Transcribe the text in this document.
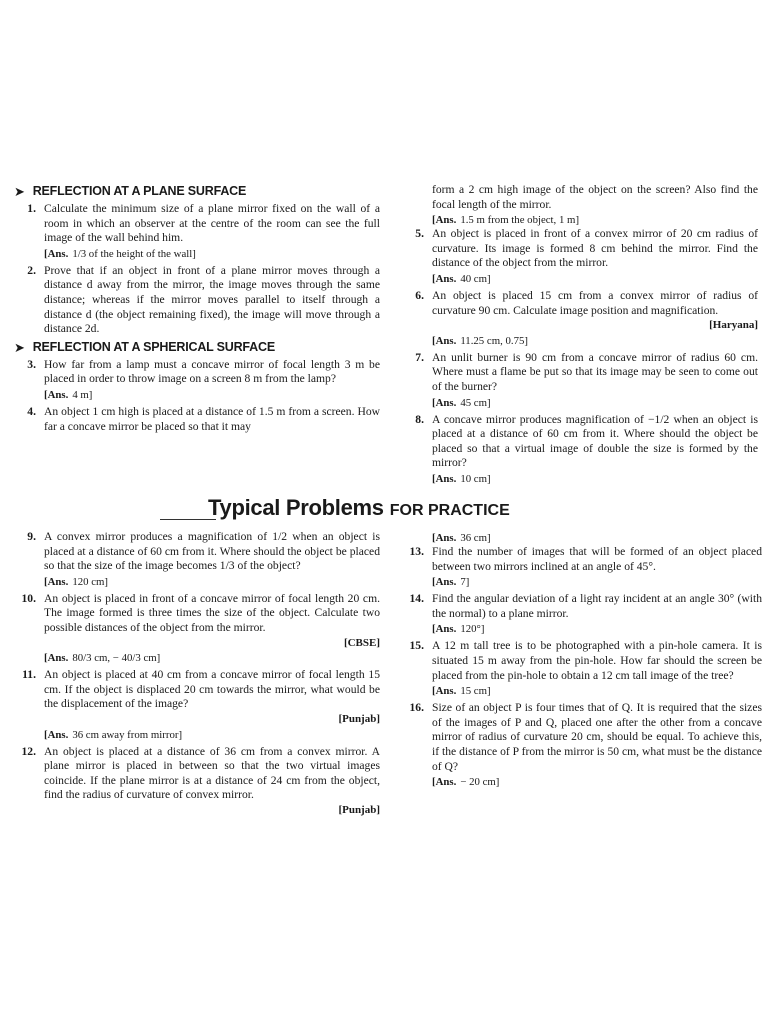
➤ REFLECTION AT A PLANE SURFACE
1. Calculate the minimum size of a plane mirror fixed on the wall of a room in which an observer at the centre of the room can see the full image of the wall behind him.
[Ans. 1/3 of the height of the wall]
2. Prove that if an object in front of a plane mirror moves through a distance d away from the mirror, the image moves through the same distance; whereas if the mirror moves parallel to itself through a distance d (the object remaining fixed), the image will move through a distance 2d.
➤ REFLECTION AT A SPHERICAL SURFACE
3. How far from a lamp must a concave mirror of focal length 3 m be placed in order to throw image on a screen 8 m from the lamp?
[Ans. 4 m]
4. An object 1 cm high is placed at a distance of 1.5 m from a screen. How far a concave mirror be placed so that it may
form a 2 cm high image of the object on the screen? Also find the focal length of the mirror.
[Ans. 1.5 m from the object, 1 m]
5. An object is placed in front of a convex mirror of 20 cm radius of curvature. Its image is formed 8 cm behind the mirror. Find the distance of the object from the mirror.
[Ans. 40 cm]
6. An object is placed 15 cm from a convex mirror of radius of curvature 90 cm. Calculate image position and magnification.
[Haryana]
[Ans. 11.25 cm, 0.75]
7. An unlit burner is 90 cm from a concave mirror of radius 60 cm. Where must a flame be put so that its image may be seen to come out of the burner?
[Ans. 45 cm]
8. A concave mirror produces magnification of −1/2 when an object is placed at a distance of 60 cm from it. Where should the object be placed so that a virtual image of double the size is formed by the mirror?
[Ans. 10 cm]
Typical Problems FOR PRACTICE
9. A convex mirror produces a magnification of 1/2 when an object is placed at a distance of 60 cm from it. Where should the object be placed so that the size of the image becomes 1/3 of the object?
[Ans. 120 cm]
10. An object is placed in front of a concave mirror of focal length 20 cm. The image formed is three times the size of the object. Calculate two possible distances of the object from the mirror.
[CBSE]
[Ans. 80/3 cm, − 40/3 cm]
11. An object is placed at 40 cm from a concave mirror of focal length 15 cm. If the object is displaced 20 cm towards the mirror, what would be the displacement of the image?
[Punjab]
[Ans. 36 cm away from mirror]
12. An object is placed at a distance of 36 cm from a convex mirror. A plane mirror is placed in between so that the two virtual images coincide. If the plane mirror is at a distance of 24 cm from the object, find the radius of curvature of convex mirror.
[Punjab]
[Ans. 36 cm]
13. Find the number of images that will be formed of an object placed between two mirrors inclined at an angle of 45°.
[Ans. 7]
14. Find the angular deviation of a light ray incident at an angle 30° (with the normal) to a plane mirror.
[Ans. 120°]
15. A 12 m tall tree is to be photographed with a pin-hole camera. It is situated 15 m away from the pin-hole. How far should the screen be placed from the pin-hole to obtain a 12 cm tall image of the tree?
[Ans. 15 cm]
16. Size of an object P is four times that of Q. It is required that the sizes of the images of P and Q, placed one after the other from a concave mirror of radius of curvature 20 cm, should be equal. To achieve this, if the distance of P from the mirror is 50 cm, what must be the distance of Q?
[Ans. − 20 cm]
